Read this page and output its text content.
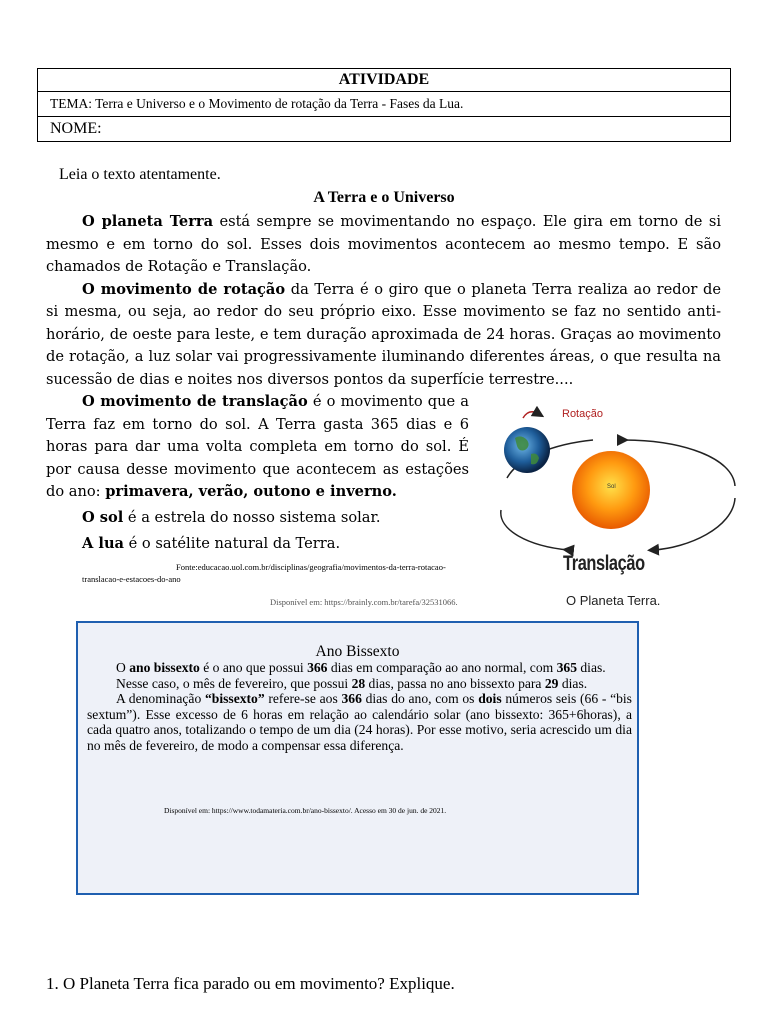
ATIVIDADE
TEMA: Terra e Universo e o Movimento de rotação da Terra - Fases da Lua.
NOME:
Leia o texto atentamente.
A Terra e o Universo

O planeta Terra está sempre se movimentando no espaço. Ele gira em torno de si mesmo e em torno do sol. Esses dois movimentos acontecem ao mesmo tempo. E são chamados de Rotação e Translação.

O movimento de rotação da Terra é o giro que o planeta Terra realiza ao redor de si mesma, ou seja, ao redor do seu próprio eixo. Esse movimento se faz no sentido anti-horário, de oeste para leste, e tem duração aproximada de 24 horas. Graças ao movimento de rotação, a luz solar vai progressivamente iluminando diferentes áreas, o que resulta na sucessão de dias e noites nos diversos pontos da superfície terrestre....

O movimento de translação é o movimento que a Terra faz em torno do sol. A Terra gasta 365 dias e 6 horas para dar uma volta completa em torno do sol. É por causa desse movimento que acontecem as estações do ano: primavera, verão, outono e inverno.

O sol é a estrela do nosso sistema solar.

A lua é o satélite natural da Terra.

Fonte:educacao.uol.com.br/disciplinas/geografia/movimentos-da-terra-rotacao-translacao-e-estacoes-do-ano
Disponível em: https://brainly.com.br/tarefa/32531066.
Rotação
Sol
Translação
O Planeta Terra.
Ano Bissexto

O ano bissexto é o ano que possui 366 dias em comparação ao ano normal, com 365 dias.

Nesse caso, o mês de fevereiro, que possui 28 dias, passa no ano bissexto para 29 dias.

A denominação “bissexto” refere-se aos 366 dias do ano, com os dois números seis (66 - “bis sextum”). Esse excesso de 6 horas em relação ao calendário solar (ano bissexto: 365+6horas), a cada quatro anos, totalizando o tempo de um dia (24 horas). Por esse motivo, seria acrescido um dia no mês de fevereiro, de modo a compensar essa diferença.

Disponível em: https://www.todamateria.com.br/ano-bissexto/. Acesso em 30 de jun. de 2021.
1. O Planeta Terra fica parado ou em movimento? Explique.
